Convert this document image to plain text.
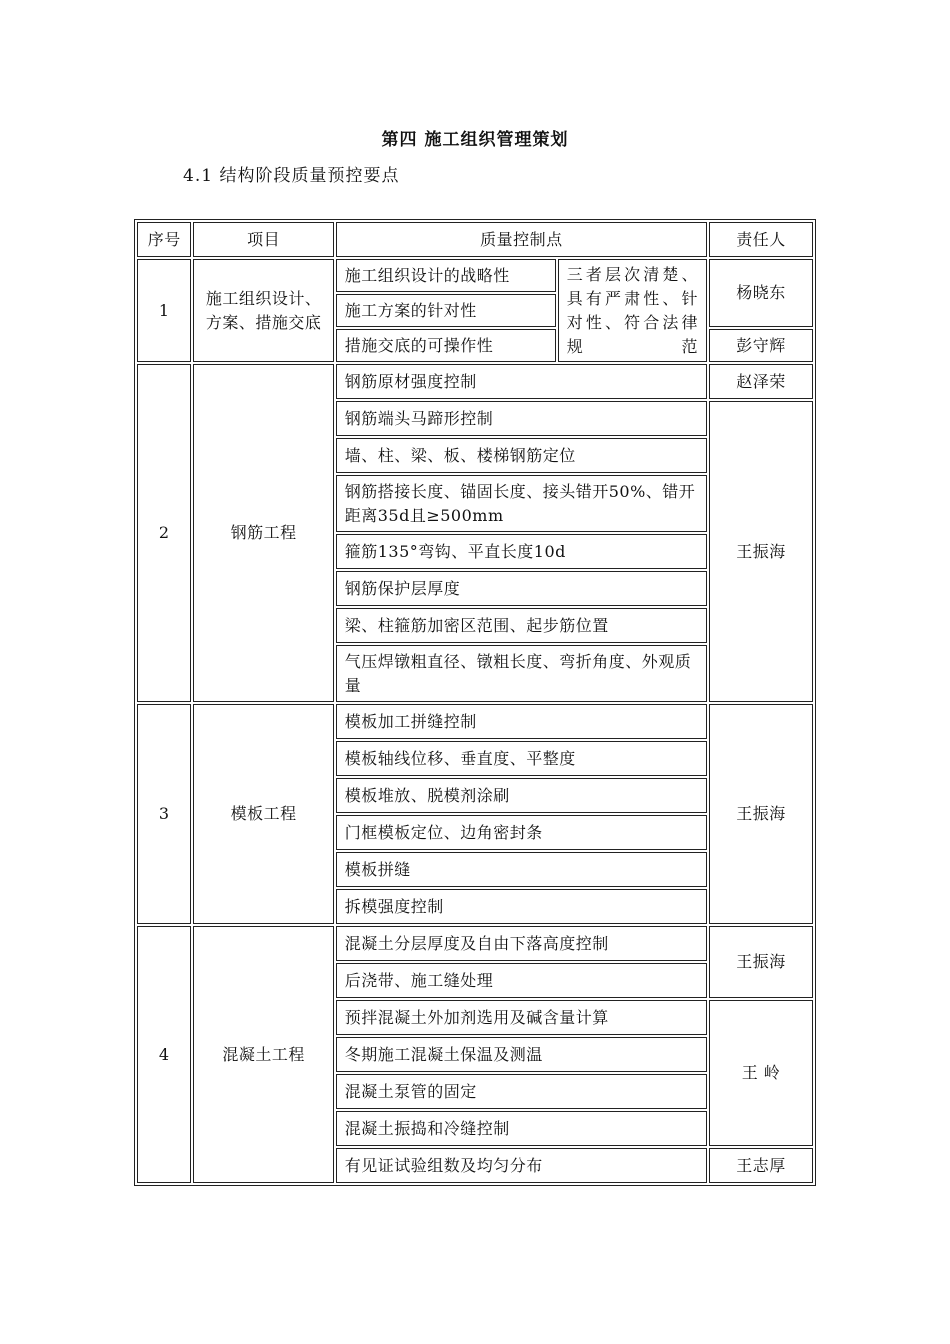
第四 施工组织管理策划
4.1 结构阶段质量预控要点
序号	项目	质量控制点		责任人
1	施工组织设计、方案、措施交底	施工组织设计的战略性	三者层次清楚、具有严肃性、针对性、符合法律规范	杨晓东
		施工方案的针对性		
		措施交底的可操作性		彭守辉
2	钢筋工程	钢筋原材强度控制		赵泽荣
		钢筋端头马蹄形控制		王振海
		墙、柱、梁、板、楼梯钢筋定位		
		钢筋搭接长度、锚固长度、接头错开50%、错开距离35d且≥500mm		
		箍筋135°弯钩、平直长度10d		
		钢筋保护层厚度		
		梁、柱箍筋加密区范围、起步筋位置		
		气压焊镦粗直径、镦粗长度、弯折角度、外观质量		
3	模板工程	模板加工拼缝控制		王振海
		模板轴线位移、垂直度、平整度		
		模板堆放、脱模剂涂刷		
		门框模板定位、边角密封条		
		模板拼缝		
		拆模强度控制		
4	混凝土工程	混凝土分层厚度及自由下落高度控制		王振海
		后浇带、施工缝处理		
		预拌混凝土外加剂选用及碱含量计算		王 岭
		冬期施工混凝土保温及测温		
		混凝土泵管的固定		
		混凝土振捣和冷缝控制		
		有见证试验组数及均匀分布		王志厚
